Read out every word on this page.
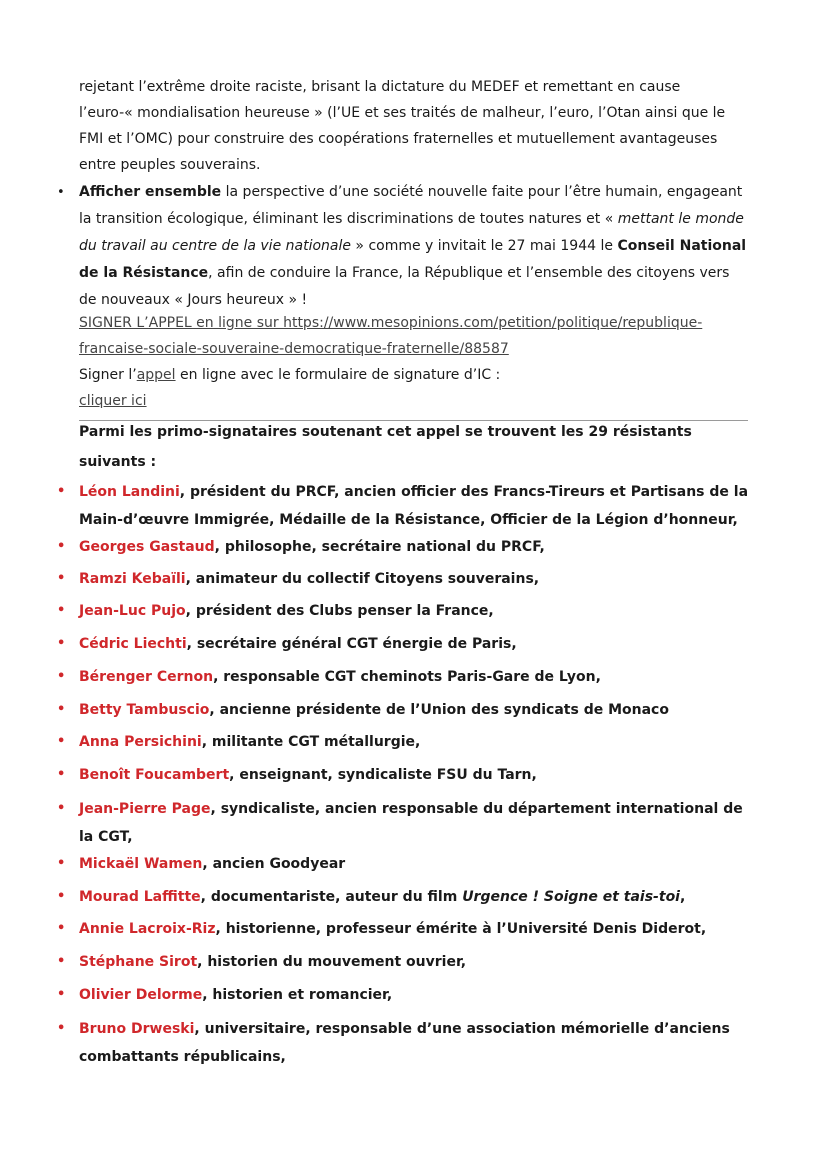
rejetant l’extrême droite raciste, brisant la dictature du MEDEF et remettant en cause
l’euro-« mondialisation heureuse » (l’UE et ses traités de malheur, l’euro, l’Otan ainsi que le
FMI et l’OMC) pour construire des coopérations fraternelles et mutuellement avantageuses
entre peuples souverains.

• Afficher ensemble la perspective d’une société nouvelle faite pour l’être humain, engageant la transition écologique, éliminant les discriminations de toutes natures et « mettant le monde du travail au centre de la vie nationale » comme y invitait le 27 mai 1944 le Conseil National de la Résistance, afin de conduire la France, la République et l’ensemble des citoyens vers de nouveaux « Jours heureux » !

SIGNER L’APPEL en ligne sur https://www.mesopinions.com/petition/politique/republique-
francaise-sociale-souveraine-democratique-fraternelle/88587
Signer l’appel en ligne avec le formulaire de signature d’IC :
cliquer ici

Parmi les primo-signataires soutenant cet appel se trouvent les 29 résistants
suivants :

• Léon Landini, président du PRCF, ancien officier des Francs-Tireurs et Partisans de la Main-d’œuvre Immigrée, Médaille de la Résistance, Officier de la Légion d’honneur,

• Georges Gastaud, philosophe, secrétaire national du PRCF,

• Ramzi Kebaïli, animateur du collectif Citoyens souverains,

• Jean-Luc Pujo, président des Clubs penser la France,

• Cédric Liechti, secrétaire général CGT énergie de Paris,

• Bérenger Cernon, responsable CGT cheminots Paris-Gare de Lyon,

• Betty Tambuscio, ancienne présidente de l’Union des syndicats de Monaco

• Anna Persichini, militante CGT métallurgie,

• Benoît Foucambert, enseignant, syndicaliste FSU du Tarn,

• Jean-Pierre Page, syndicaliste, ancien responsable du département international de la CGT,

• Mickaël Wamen, ancien Goodyear

• Mourad Laffitte, documentariste, auteur du film Urgence ! Soigne et tais-toi,

• Annie Lacroix-Riz, historienne, professeur émérite à l’Université Denis Diderot,

• Stéphane Sirot, historien du mouvement ouvrier,

• Olivier Delorme, historien et romancier,

• Bruno Drweski, universitaire, responsable d’une association mémorielle d’anciens combattants républicains,
